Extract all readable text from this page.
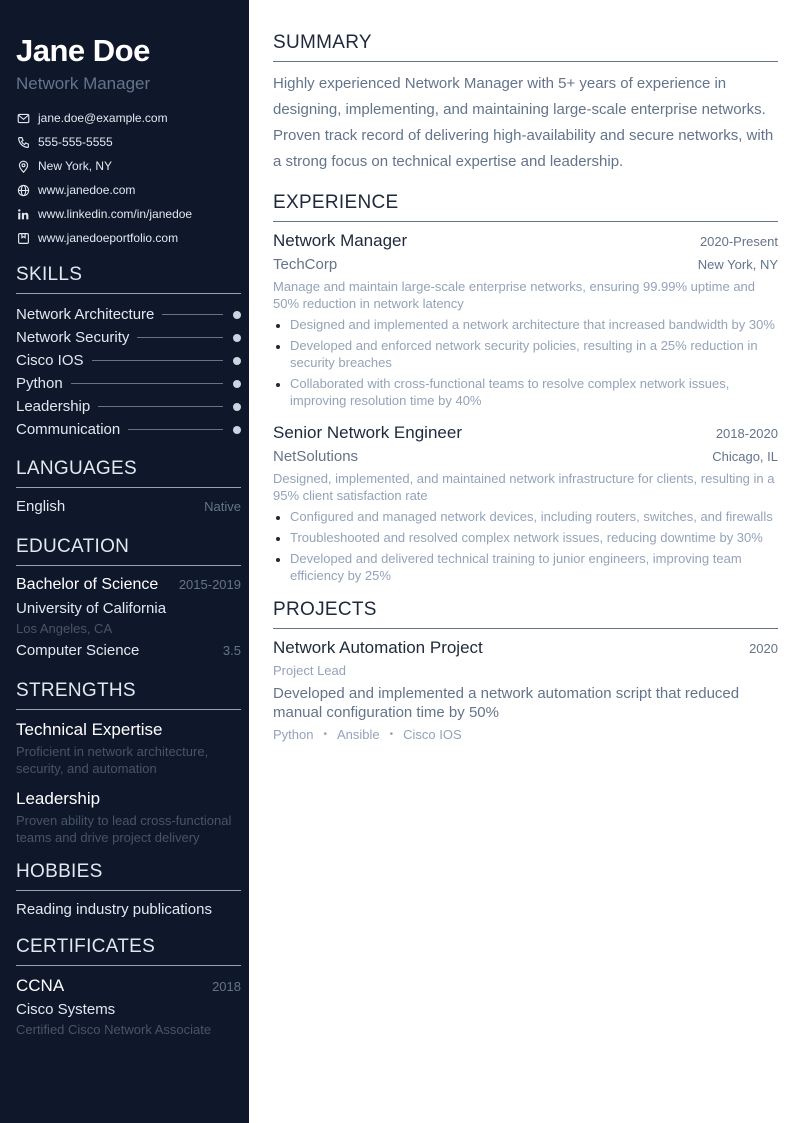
Jane Doe
Network Manager
jane.doe@example.com
555-555-5555
New York, NY
www.janedoe.com
www.linkedin.com/in/janedoe
www.janedoeportfolio.com
SKILLS
Network Architecture
Network Security
Cisco IOS
Python
Leadership
Communication
LANGUAGES
English	Native
EDUCATION
Bachelor of Science 2015-2019
University of California
Los Angeles, CA
Computer Science	3.5
STRENGTHS
Technical Expertise
Proficient in network architecture, security, and automation
Leadership
Proven ability to lead cross-functional teams and drive project delivery
HOBBIES
Reading industry publications
CERTIFICATES
CCNA	2018
Cisco Systems
Certified Cisco Network Associate
SUMMARY
Highly experienced Network Manager with 5+ years of experience in designing, implementing, and maintaining large-scale enterprise networks. Proven track record of delivering high-availability and secure networks, with a strong focus on technical expertise and leadership.
EXPERIENCE
Network Manager	2020-Present
TechCorp	New York, NY
Manage and maintain large-scale enterprise networks, ensuring 99.99% uptime and 50% reduction in network latency
Designed and implemented a network architecture that increased bandwidth by 30%
Developed and enforced network security policies, resulting in a 25% reduction in security breaches
Collaborated with cross-functional teams to resolve complex network issues, improving resolution time by 40%
Senior Network Engineer	2018-2020
NetSolutions	Chicago, IL
Designed, implemented, and maintained network infrastructure for clients, resulting in a 95% client satisfaction rate
Configured and managed network devices, including routers, switches, and firewalls
Troubleshooted and resolved complex network issues, reducing downtime by 30%
Developed and delivered technical training to junior engineers, improving team efficiency by 25%
PROJECTS
Network Automation Project	2020
Project Lead
Developed and implemented a network automation script that reduced manual configuration time by 50%
Python • Ansible • Cisco IOS
